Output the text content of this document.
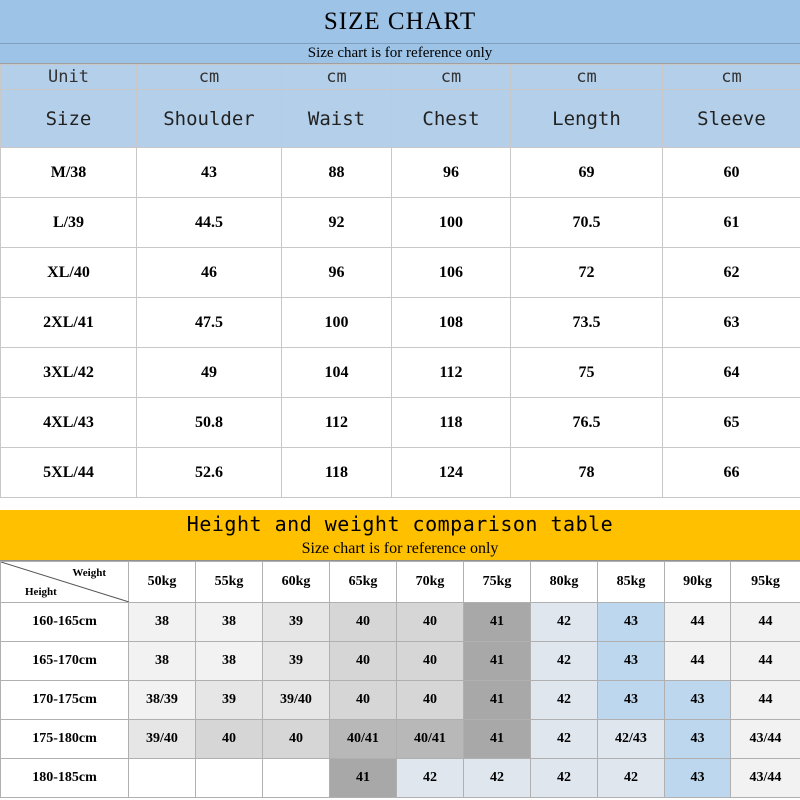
SIZE CHART
Size chart is for reference only
Unit	cm	cm	cm	cm	cm
Size	Shoulder	Waist	Chest	Length	Sleeve
M/38	43	88	96	69	60
L/39	44.5	92	100	70.5	61
XL/40	46	96	106	72	62
2XL/41	47.5	100	108	73.5	63
3XL/42	49	104	112	75	64
4XL/43	50.8	112	118	76.5	65
5XL/44	52.6	118	124	78	66
Height and weight comparison table
Size chart is for reference only
Weight
Height	50kg	55kg	60kg	65kg	70kg	75kg	80kg	85kg	90kg	95kg
160-165cm	38	38	39	40	40	41	42	43	44	44
165-170cm	38	38	39	40	40	41	42	43	44	44
170-175cm	38/39	39	39/40	40	40	41	42	43	43	44
175-180cm	39/40	40	40	40/41	40/41	41	42	42/43	43	43/44
180-185cm				41	42	42	42	42	43	43/44
